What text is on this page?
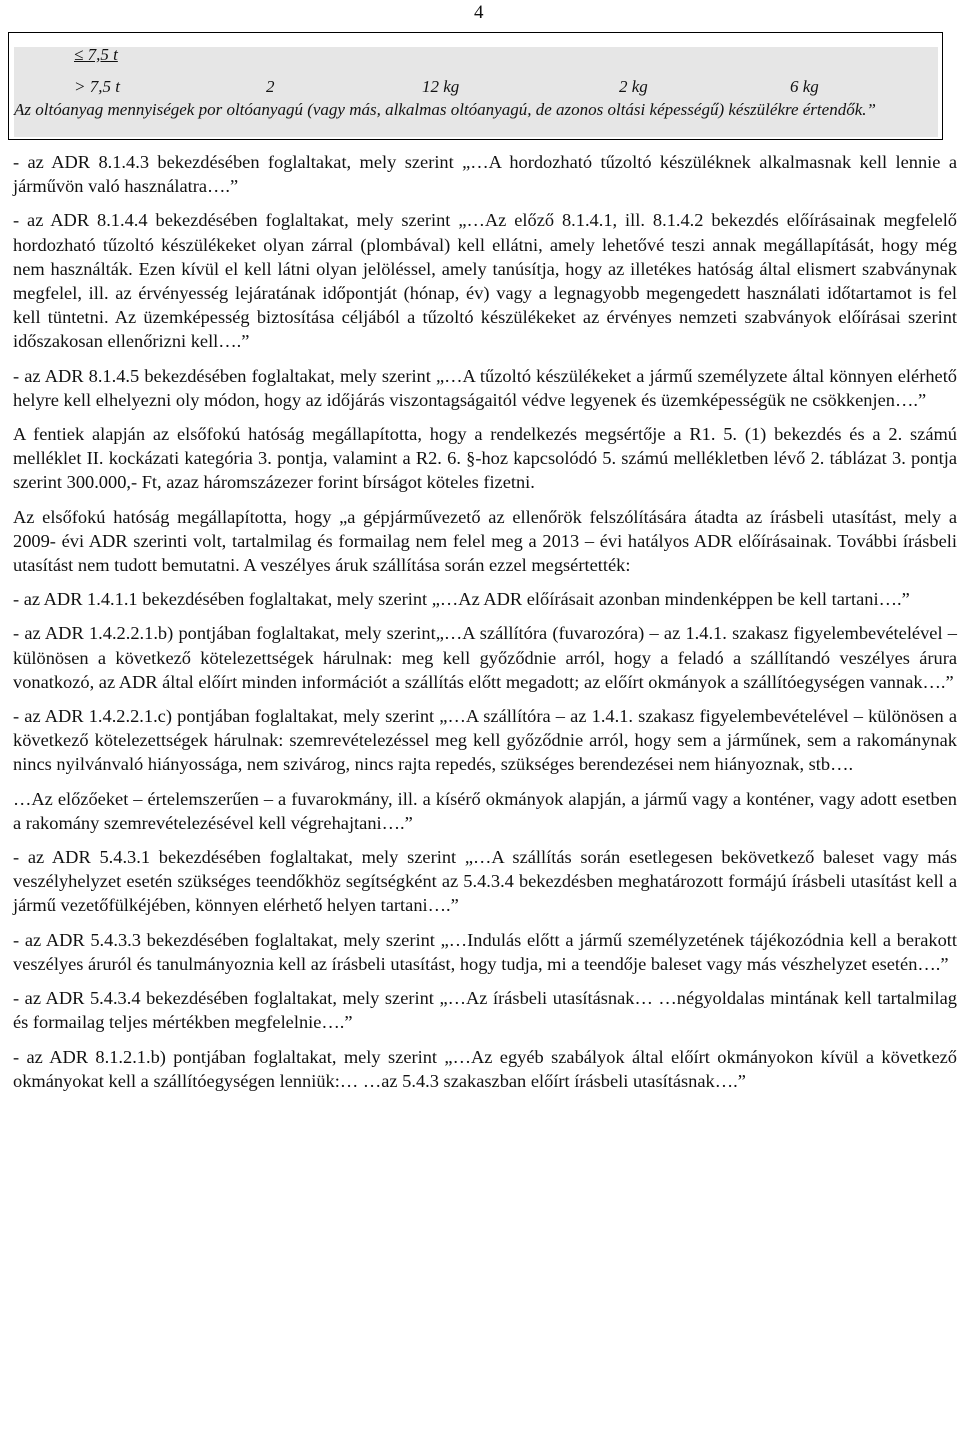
4
≤ 7,5 t
> 7,5 t	2	12 kg	2 kg	6 kg
Az oltóanyag mennyiségek por oltóanyagú (vagy más, alkalmas oltóanyagú, de azonos oltási képességű) készülékre értendők.”

- az ADR 8.1.4.3 bekezdésében foglaltakat, mely szerint „…A hordozható tűzoltó készüléknek alkalmasnak kell lennie a járművön való használatra….”

- az ADR 8.1.4.4 bekezdésében foglaltakat, mely szerint „…Az előző 8.1.4.1, ill. 8.1.4.2 bekezdés előírásainak megfelelő hordozható tűzoltó készülékeket olyan zárral (plombával) kell ellátni, amely lehetővé teszi annak megállapítását, hogy még nem használták. Ezen kívül el kell látni olyan jelöléssel, amely tanúsítja, hogy az illetékes hatóság által elismert szabványnak megfelel, ill. az érvényesség lejáratának időpontját (hónap, év) vagy a legnagyobb megengedett használati időtartamot is fel kell tüntetni. Az üzemképesség biztosítása céljából a tűzoltó készülékeket az érvényes nemzeti szabványok előírásai szerint időszakosan ellenőrizni kell….”

- az ADR 8.1.4.5 bekezdésében foglaltakat, mely szerint „…A tűzoltó készülékeket a jármű személyzete által könnyen elérhető helyre kell elhelyezni oly módon, hogy az időjárás viszontagságaitól védve legyenek és üzemképességük ne csökkenjen….”

A fentiek alapján az elsőfokú hatóság megállapította, hogy a rendelkezés megsértője a R1. 5. (1) bekezdés és a 2. számú melléklet II. kockázati kategória 3. pontja, valamint a R2. 6. §-hoz kapcsolódó 5. számú mellékletben lévő 2. táblázat 3. pontja szerint 300.000,- Ft, azaz háromszázezer forint bírságot köteles fizetni.

Az elsőfokú hatóság megállapította, hogy „a gépjárművezető az ellenőrök felszólítására átadta az írásbeli utasítást, mely a 2009- évi ADR szerinti volt, tartalmilag és formailag nem felel meg a 2013 – évi hatályos ADR előírásainak. További írásbeli utasítást nem tudott bemutatni. A veszélyes áruk szállítása során ezzel megsértették:

- az ADR 1.4.1.1 bekezdésében foglaltakat, mely szerint „…Az ADR előírásait azonban mindenképpen be kell tartani….”

- az ADR 1.4.2.2.1.b) pontjában foglaltakat, mely szerint„…A szállítóra (fuvarozóra) – az 1.4.1. szakasz figyelembevételével – különösen a következő kötelezettségek hárulnak: meg kell győződnie arról, hogy a feladó a szállítandó veszélyes árura vonatkozó, az ADR által előírt minden információt a szállítás előtt megadott; az előírt okmányok a szállítóegységen vannak….”

- az ADR 1.4.2.2.1.c) pontjában foglaltakat, mely szerint „…A szállítóra – az 1.4.1. szakasz figyelembevételével – különösen a következő kötelezettségek hárulnak: szemrevételezéssel meg kell győződnie arról, hogy sem a járműnek, sem a rakománynak nincs nyilvánvaló hiányossága, nem szivárog, nincs rajta repedés, szükséges berendezései nem hiányoznak, stb….

…Az előzőeket – értelemszerűen – a fuvarokmány, ill. a kísérő okmányok alapján, a jármű vagy a konténer, vagy adott esetben a rakomány szemrevételezésével kell végrehajtani….”

- az ADR 5.4.3.1 bekezdésében foglaltakat, mely szerint „…A szállítás során esetlegesen bekövetkező baleset vagy más veszélyhelyzet esetén szükséges teendőkhöz segítségként az 5.4.3.4 bekezdésben meghatározott formájú írásbeli utasítást kell a jármű vezetőfülkéjében, könnyen elérhető helyen tartani….”

- az ADR 5.4.3.3 bekezdésében foglaltakat, mely szerint „…Indulás előtt a jármű személyzetének tájékozódnia kell a berakott veszélyes áruról és tanulmányoznia kell az írásbeli utasítást, hogy tudja, mi a teendője baleset vagy más vészhelyzet esetén….”

- az ADR 5.4.3.4 bekezdésében foglaltakat, mely szerint „…Az írásbeli utasításnak… …négyoldalas mintának kell tartalmilag és formailag teljes mértékben megfelelnie….”

- az ADR 8.1.2.1.b) pontjában foglaltakat, mely szerint „…Az egyéb szabályok által előírt okmányokon kívül a következő okmányokat kell a szállítóegységen lenniük:… …az 5.4.3 szakaszban előírt írásbeli utasításnak….”
